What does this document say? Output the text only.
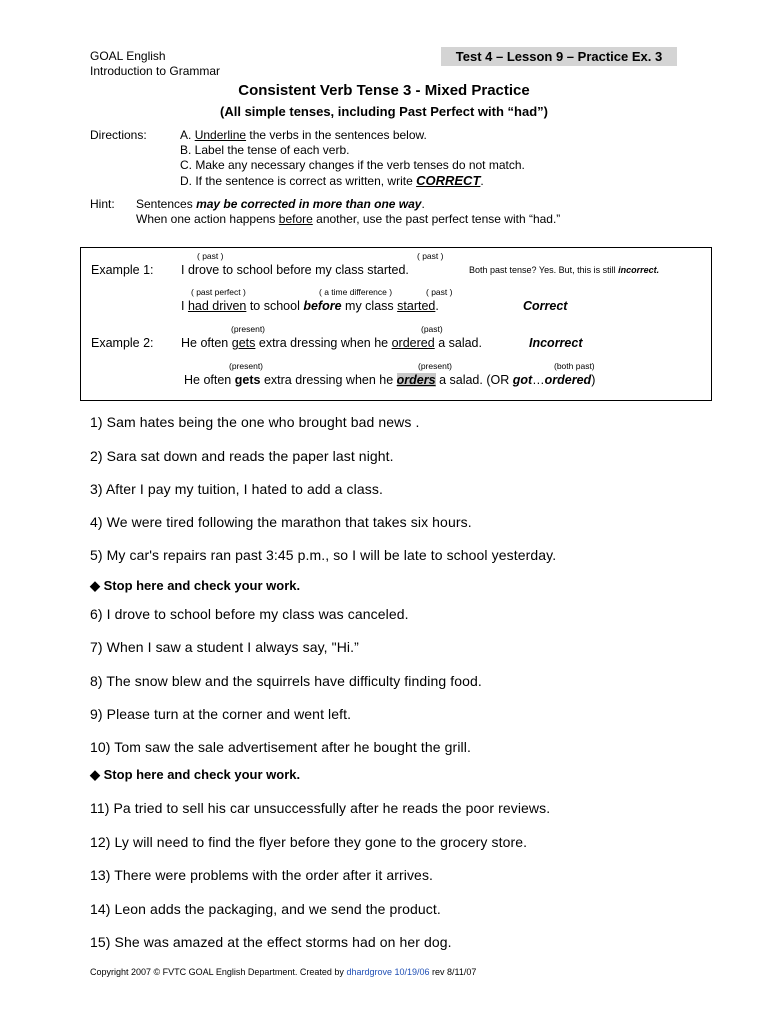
GOAL English
Introduction to Grammar
Test 4 – Lesson 9 – Practice Ex. 3
Consistent Verb Tense 3 - Mixed Practice
(All simple tenses, including Past Perfect with “had”)
Directions:	A. Underline the verbs in the sentences below.
B. Label the tense of each verb.
C. Make any necessary changes if the verb tenses do not match.
D. If the sentence is correct as written, write CORRECT.
Hint: Sentences may be corrected in more than one way.
When one action happens before another, use the past perfect tense with “had.”
( past )	( past )
Example 1: I drove to school before my class started.	Both past tense? Yes. But, this is still incorrect.
( past perfect )	( a time difference )	( past )
I had driven to school before my class started.	Correct
(present)	(past)
Example 2: He often gets extra dressing when he ordered a salad.	Incorrect
(present)	(present)	(both past)
He often gets extra dressing when he orders a salad. (OR got…ordered)
1) Sam hates being the one who brought bad news .
2) Sara sat down and reads the paper last night.
3) After I pay my tuition, I hated to add a class.
4) We were tired following the marathon that takes six hours.
5) My car's repairs ran past 3:45 p.m., so I will be late to school yesterday.
◆ Stop here and check your work.
6) I drove to school before my class was canceled.
7) When I saw a student I always say, "Hi.”
8) The snow blew and the squirrels have difficulty finding food.
9) Please turn at the corner and went left.
10) Tom saw the sale advertisement after he bought the grill.
◆ Stop here and check your work.
11) Pa tried to sell his car unsuccessfully after he reads the poor reviews.
12) Ly will need to find the flyer before they gone to the grocery store.
13) There were problems with the order after it arrives.
14) Leon adds the packaging, and we send the product.
15) She was amazed at the effect storms had on her dog.
Copyright 2007 © FVTC GOAL English Department. Created by dhardgrove 10/19/06 rev 8/11/07
